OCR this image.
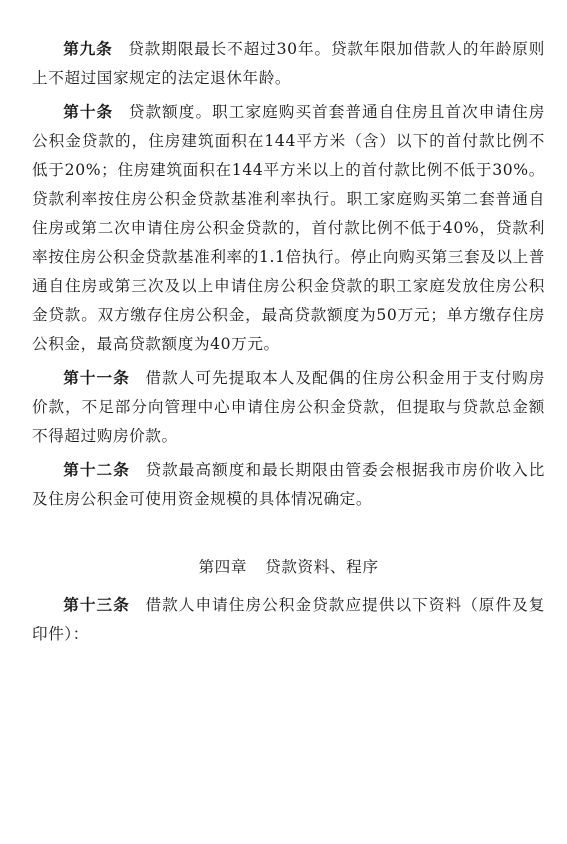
第九条 贷款期限最长不超过30年。贷款年限加借款人的年龄原则上不超过国家规定的法定退休年龄。

第十条 贷款额度。职工家庭购买首套普通自住房且首次申请住房公积金贷款的，住房建筑面积在144平方米（含）以下的首付款比例不低于20%；住房建筑面积在144平方米以上的首付款比例不低于30%。贷款利率按住房公积金贷款基准利率执行。职工家庭购买第二套普通自住房或第二次申请住房公积金贷款的，首付款比例不低于40%，贷款利率按住房公积金贷款基准利率的1.1倍执行。停止向购买第三套及以上普通自住房或第三次及以上申请住房公积金贷款的职工家庭发放住房公积金贷款。双方缴存住房公积金，最高贷款额度为50万元；单方缴存住房公积金，最高贷款额度为40万元。

第十一条 借款人可先提取本人及配偶的住房公积金用于支付购房价款，不足部分向管理中心申请住房公积金贷款，但提取与贷款总金额不得超过购房价款。

第十二条 贷款最高额度和最长期限由管委会根据我市房价收入比及住房公积金可使用资金规模的具体情况确定。

第四章 贷款资料、程序

第十三条 借款人申请住房公积金贷款应提供以下资料（原件及复印件）：
